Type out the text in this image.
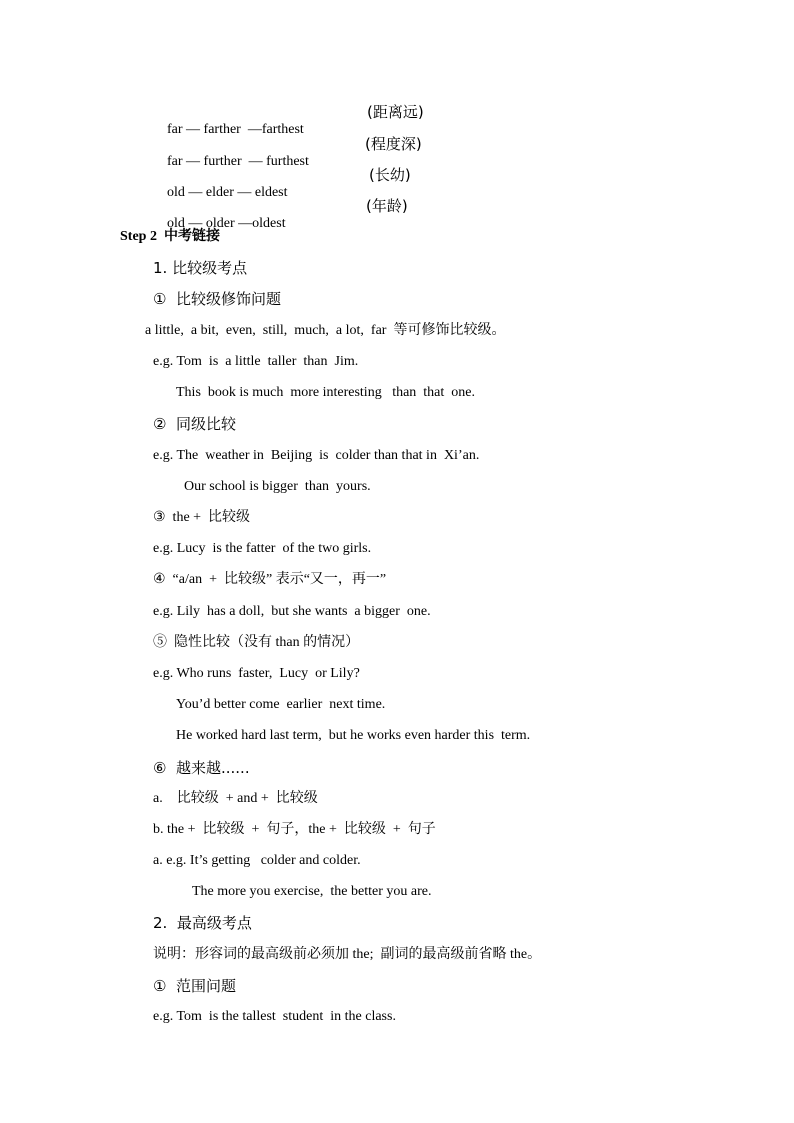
far — farther  —farthest

(距离远)

far — further  — furthest

(程度深)

old — elder — eldest

(长幼)

old — older —oldest

(年龄)
Step 2  中考链接
1. 比较级考点
①  比较级修饰问题
a little,  a bit,  even,  still,  much,  a lot,  far  等可修饰比较级。
e.g. Tom  is  a little  taller  than  Jim.
This  book is much  more interesting   than  that  one.
②  同级比较
e.g. The  weather in  Beijing  is  colder than that in  Xi’an.
Our school is bigger  than  yours.
③  the +  比较级
e.g. Lucy  is the fatter  of the two girls.
④  “a/an  +  比较级” 表示“又一，再一”
e.g. Lily  has a doll,  but she wants  a bigger  one.
⑤  隐性比较（没有 than 的情况）
e.g. Who runs  faster,  Lucy  or Lily?
You’d better come  earlier  next time.
He worked hard last term,  but he works even harder this  term.
⑥  越来越......
a.    比较级  + and +  比较级
b. the +  比较级  +  句子，the +  比较级  +  句子
a. e.g. It’s getting   colder and colder.
The more you exercise,  the better you are.
2.  最高级考点
说明：形容词的最高级前必须加 the;  副词的最高级前省略 the。
①  范围问题
e.g. Tom  is the tallest  student  in the class.
